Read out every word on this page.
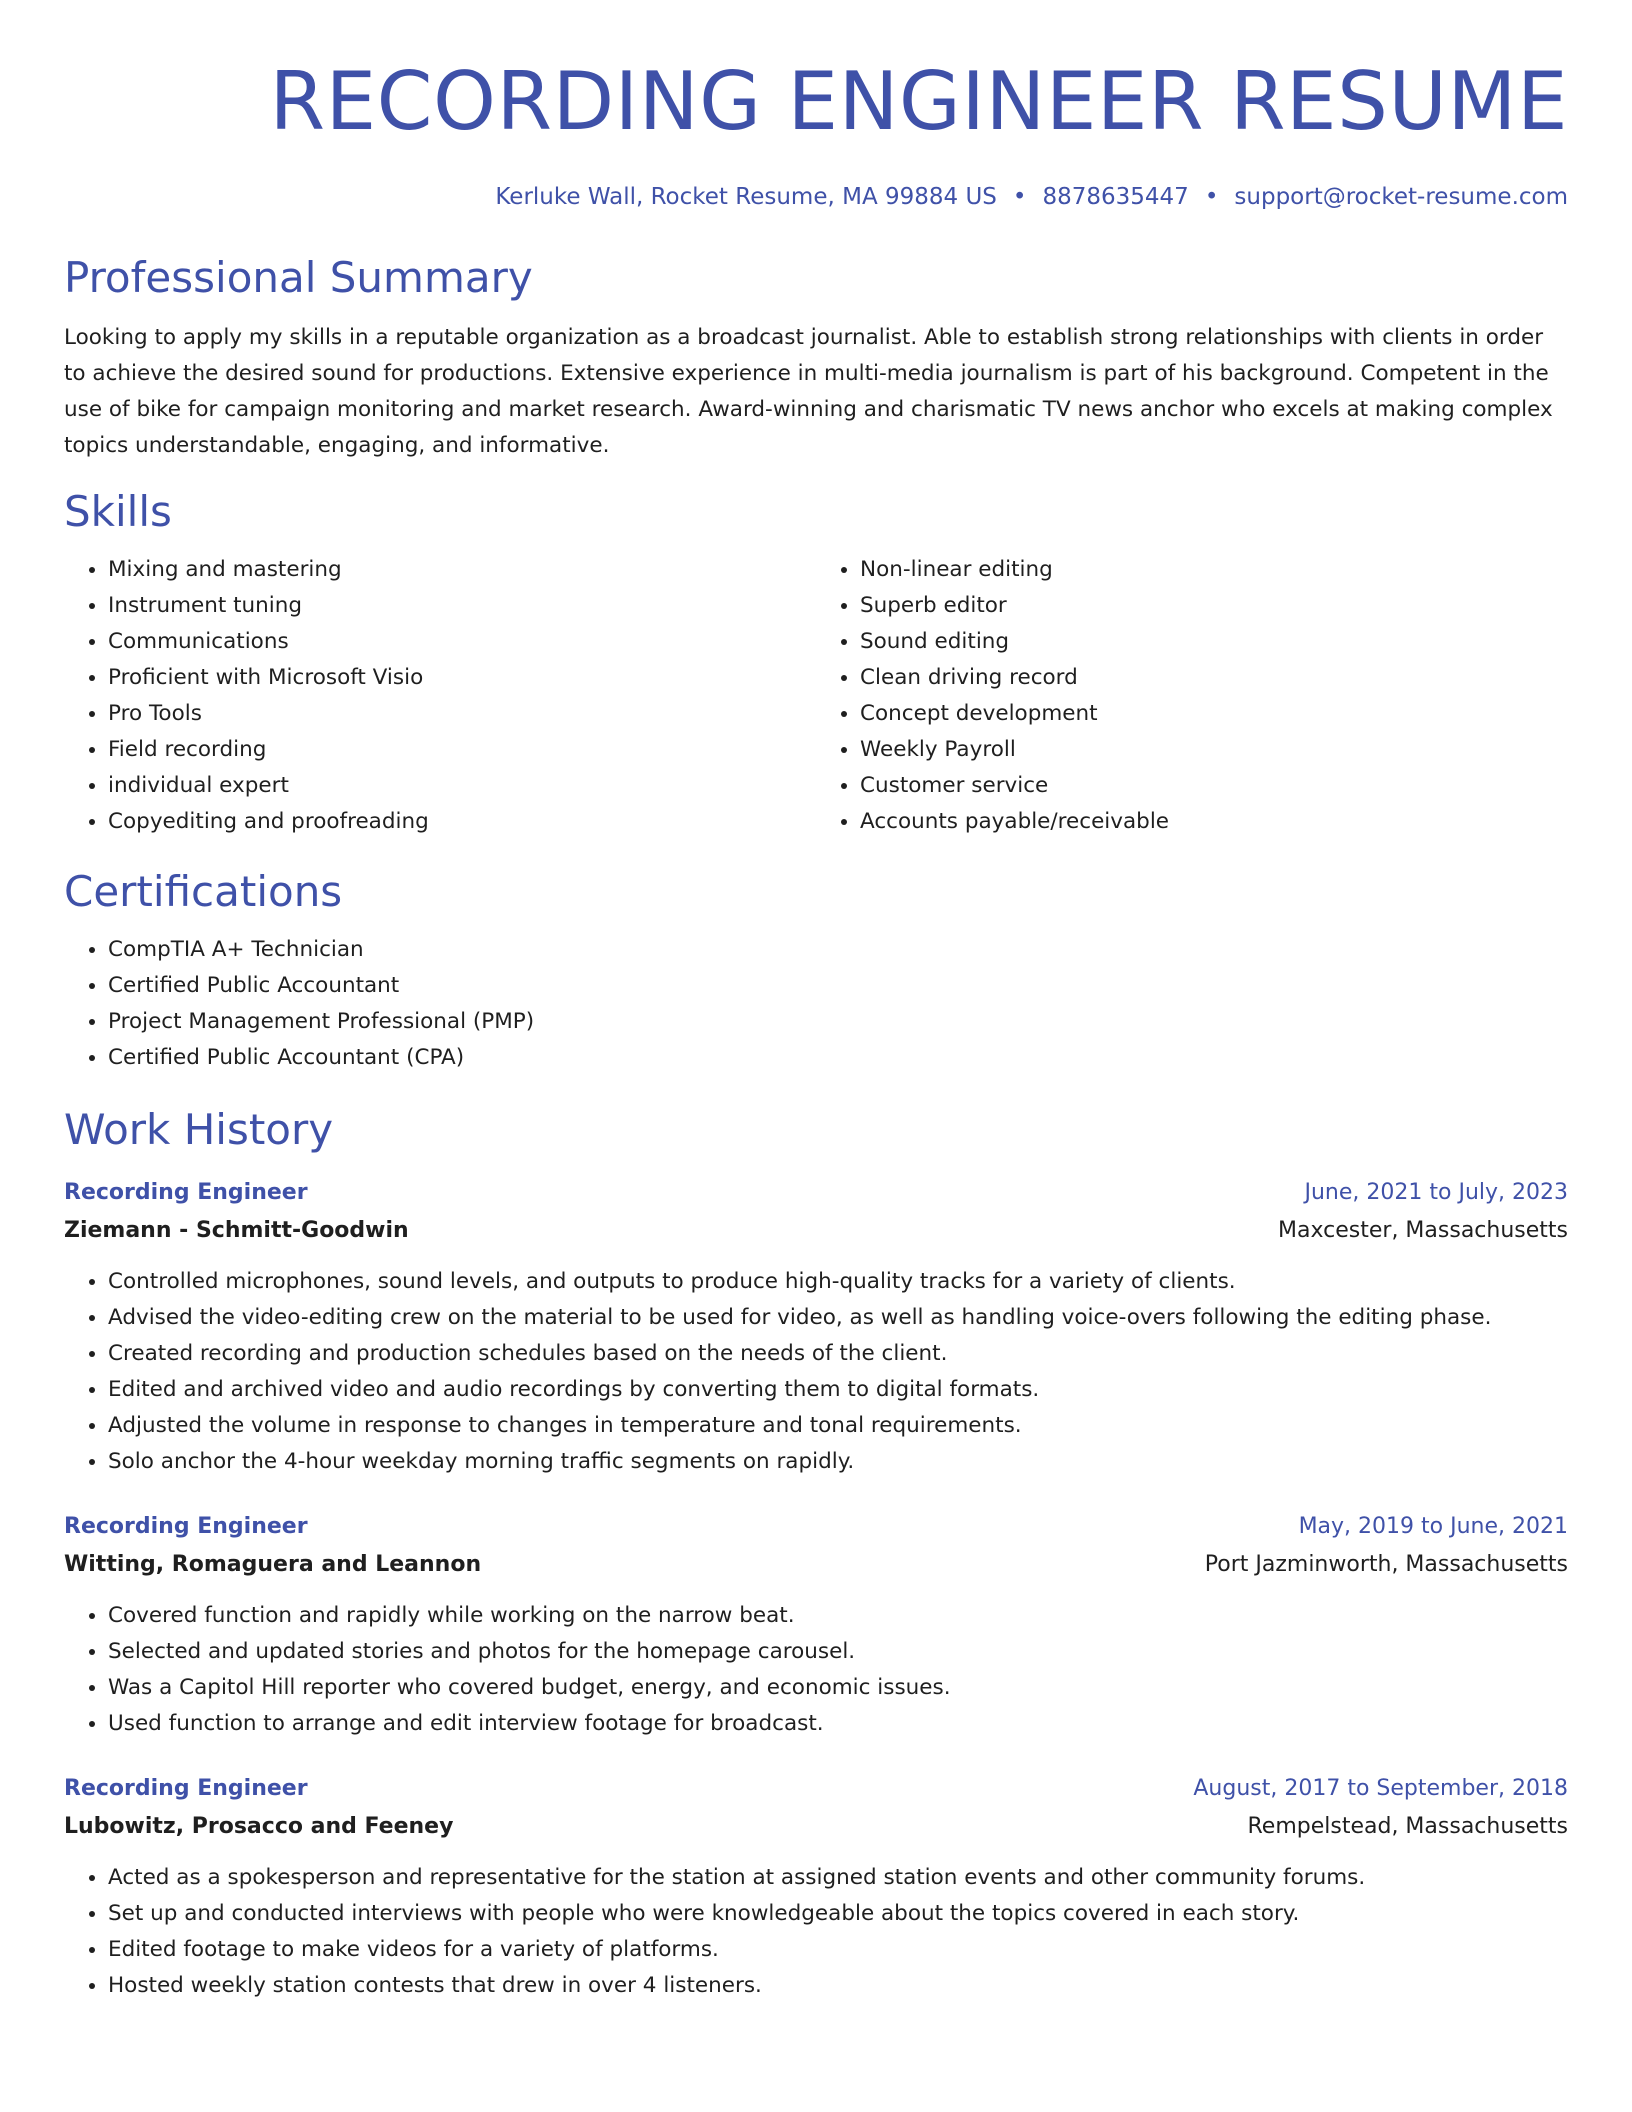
RECORDING ENGINEER RESUME
Kerluke Wall, Rocket Resume, MA 99884 US • 8878635447 • support@rocket-resume.com
Professional Summary

Looking to apply my skills in a reputable organization as a broadcast journalist. Able to establish strong relationships with clients in order to achieve the desired sound for productions. Extensive experience in multi-media journalism is part of his background. Competent in the use of bike for campaign monitoring and market research. Award-winning and charismatic TV news anchor who excels at making complex topics understandable, engaging, and informative.

Skills
• Mixing and mastering
• Instrument tuning
• Communications
• Proficient with Microsoft Visio
• Pro Tools
• Field recording
• individual expert
• Copyediting and proofreading
• Non-linear editing
• Superb editor
• Sound editing
• Clean driving record
• Concept development
• Weekly Payroll
• Customer service
• Accounts payable/receivable
Certifications
• CompTIA A+ Technician
• Certified Public Accountant
• Project Management Professional (PMP)
• Certified Public Accountant (CPA)
Work History
Recording Engineer	June, 2021 to July, 2023
Ziemann - Schmitt-Goodwin	Maxcester, Massachusetts
• Controlled microphones, sound levels, and outputs to produce high-quality tracks for a variety of clients.
• Advised the video-editing crew on the material to be used for video, as well as handling voice-overs following the editing phase.
• Created recording and production schedules based on the needs of the client.
• Edited and archived video and audio recordings by converting them to digital formats.
• Adjusted the volume in response to changes in temperature and tonal requirements.
• Solo anchor the 4-hour weekday morning traffic segments on rapidly.
Recording Engineer	May, 2019 to June, 2021
Witting, Romaguera and Leannon	Port Jazminworth, Massachusetts
• Covered function and rapidly while working on the narrow beat.
• Selected and updated stories and photos for the homepage carousel.
• Was a Capitol Hill reporter who covered budget, energy, and economic issues.
• Used function to arrange and edit interview footage for broadcast.
Recording Engineer	August, 2017 to September, 2018
Lubowitz, Prosacco and Feeney	Rempelstead, Massachusetts
• Acted as a spokesperson and representative for the station at assigned station events and other community forums.
• Set up and conducted interviews with people who were knowledgeable about the topics covered in each story.
• Edited footage to make videos for a variety of platforms.
• Hosted weekly station contests that drew in over 4 listeners.
